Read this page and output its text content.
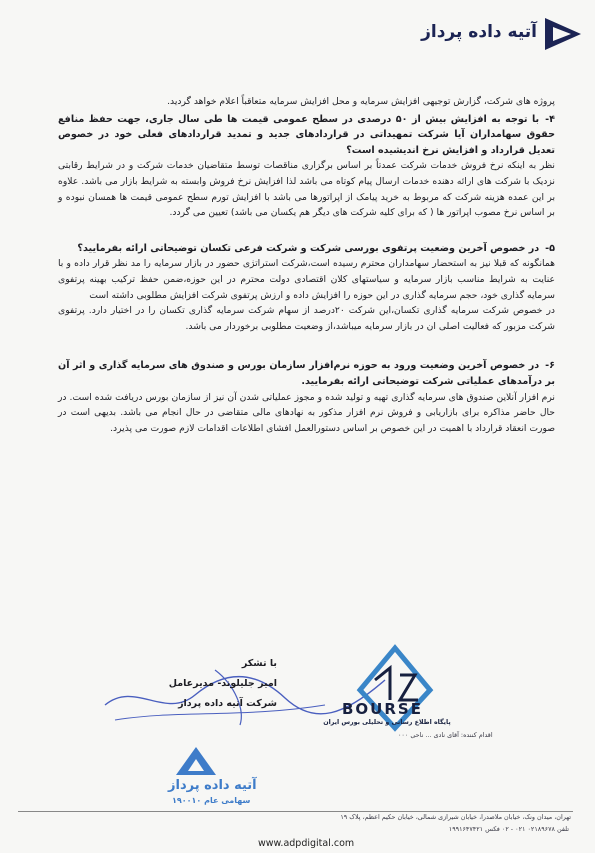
آتیه داده پرداز

پروژه های شرکت، گزارش توجیهی افزایش سرمایه و محل افزایش سرمایه متعاقباً اعلام خواهد گردید.

۴-با توجه به افزایش بیش از ۵۰ درصدی در سطح عمومی قیمت ها طی سال جاری، جهت حفظ منافع حقوق سهامداران آیا شرکت تمهیداتی در قراردادهای جدید و تمدید قراردادهای فعلی خود در خصوص تعدیل قرارداد و افزایش نرخ اندیشیده است؟

نظر به اینکه نرخ فروش خدمات شرکت عمدتاً بر اساس برگزاری مناقصات توسط متقاضیان خدمات شرکت و در شرایط رقابتی نزدیک با شرکت های ارائه دهنده خدمات ارسال پیام کوتاه می باشد لذا افزایش نرخ فروش وابسته به شرایط بازار می باشد. علاوه بر این عمده هزینه شرکت که مربوط به خرید پیامک از اپراتورها می باشد با افزایش تورم سطح عمومی قیمت ها همسان نبوده و بر اساس نرخ مصوب اپراتور ها ( که برای کلیه شرکت های دیگر هم یکسان می باشد) تعیین می گردد.

۵-در خصوص آخرین وضعیت پرتفوی بورسی شرکت و شرکت فرعی تکسان توضیحاتی ارائه بفرمایید؟

همانگونه که قبلا نیز به استحضار سهامداران محترم رسیده است،شرکت استراتژی حضور در بازار سرمایه را مد نظر قرار داده و با عنایت به شرایط مناسب بازار سرمایه و سیاستهای کلان اقتصادی دولت محترم در این حوزه،ضمن حفظ ترکیب بهینه پرتفوی سرمایه گذاری خود، حجم سرمایه گذاری در این حوزه را افزایش داده و ارزش پرتفوی شرکت افزایش مطلوبی داشته است

در خصوص شرکت سرمایه گذاری تکسان،این شرکت ۲۰درصد از سهام شرکت سرمایه گذاری تکسان را در اختیار دارد. پرتفوی شرکت مزبور که فعالیت اصلی ان در بازار سرمایه میباشد،از وضعیت مطلوبی برخوردار می باشد.

۶-در خصوص آخرین وضعیت ورود به حوزه نرم‌افزار سازمان بورس و صندوق های سرمایه گذاری و اثر آن بر درآمدهای عملیاتی شرکت توضیحاتی ارائه بفرمایید.

نرم افزار آنلاین صندوق های سرمایه گذاری تهیه و تولید شده و مجوز عملیاتی شدن آن نیز از سازمان بورس دریافت شده است. در حال حاضر مذاکره برای بازاریابی و فروش نرم افزار مذکور به نهادهای مالی متقاضی در حال انجام می باشد. بدیهی است در صورت انعقاد قرارداد با اهمیت در این خصوص بر اساس دستورالعمل افشای اطلاعات اقدامات لازم صورت می پذیرد.

با تشکر
امیر جلیلوند- مدیرعامل
شرکت آتیه داده پرداز	BOURSE
پایگاه اطلاع رسانی و تحلیلی بورس ایران
اقدام کننده: آقای نادی ... ناحی ۰۰۰
آتیه داده پرداز
سهامی عام ۱۹۰۰۱۰
تهران، میدان ونک، خیابان ملاصدرا، خیابان شیرازی شمالی، خیابان حکیم اعظم، پلاک ۱۹
تلفن ۰۲۱۸۹۶۷۸ ۰۲۱ - ۰۲ فکس ۱۹۹۱۶۴۷۴۲۱
www.adpdigital.com
